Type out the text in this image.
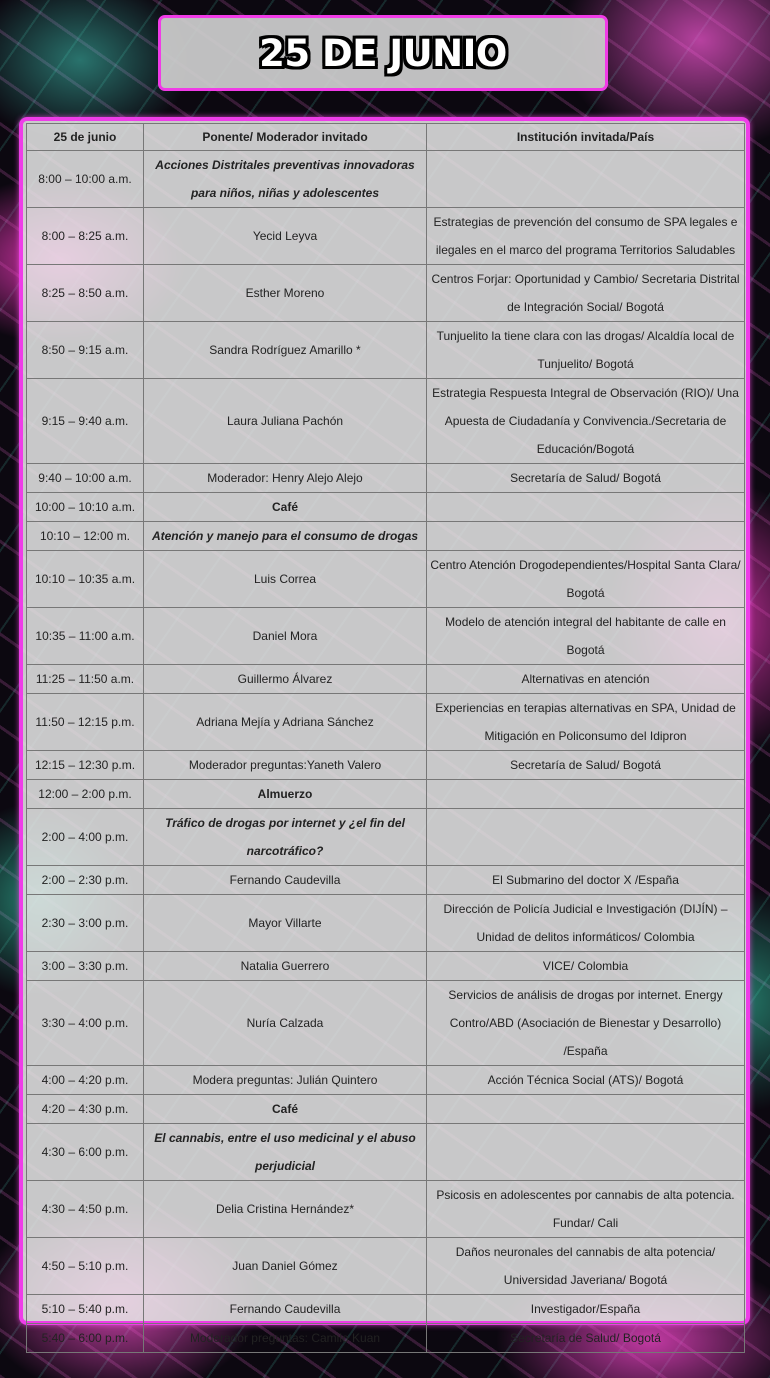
25 DE JUNIO
25 de junio	Ponente/ Moderador invitado	Institución invitada/País
8:00 – 10:00 a.m.	Acciones Distritales preventivas innovadoras para niños, niñas y adolescentes	
8:00 – 8:25 a.m.	Yecid Leyva	Estrategias de prevención del consumo de SPA legales e ilegales en el marco del programa Territorios Saludables
8:25 – 8:50 a.m.	Esther Moreno	Centros Forjar: Oportunidad y Cambio/ Secretaria Distrital de Integración Social/ Bogotá
8:50 – 9:15 a.m.	Sandra Rodríguez Amarillo *	Tunjuelito la tiene clara con las drogas/ Alcaldía local de Tunjuelito/ Bogotá
9:15 – 9:40 a.m.	Laura Juliana Pachón	Estrategia Respuesta Integral de Observación (RIO)/ Una Apuesta de Ciudadanía y Convivencia./Secretaria de Educación/Bogotá
9:40 – 10:00 a.m.	Moderador: Henry Alejo Alejo	Secretaría de Salud/ Bogotá
10:00 – 10:10 a.m.	Café	
10:10 – 12:00 m.	Atención y manejo para el consumo de drogas	
10:10 – 10:35 a.m.	Luis Correa	Centro Atención Drogodependientes/Hospital Santa Clara/ Bogotá
10:35 – 11:00 a.m.	Daniel Mora	Modelo de atención integral del habitante de calle en Bogotá
11:25 – 11:50 a.m.	Guillermo Álvarez	Alternativas en atención
11:50 – 12:15 p.m.	Adriana Mejía y Adriana Sánchez	Experiencias en terapias alternativas en SPA, Unidad de Mitigación en Policonsumo del Idipron
12:15 – 12:30 p.m.	Moderador preguntas:Yaneth Valero	Secretaría de Salud/ Bogotá
12:00 – 2:00 p.m.	Almuerzo	
2:00 – 4:00 p.m.	Tráfico de drogas por internet y ¿el fin del narcotráfico?	
2:00 – 2:30 p.m.	Fernando Caudevilla	El Submarino del doctor X /España
2:30 – 3:00 p.m.	Mayor Villarte	Dirección de Policía Judicial e Investigación (DIJÍN) – Unidad de delitos informáticos/ Colombia
3:00 – 3:30 p.m.	Natalia Guerrero	VICE/ Colombia
3:30 – 4:00 p.m.	Nuría Calzada	Servicios de análisis de drogas por internet. Energy Contro/ABD (Asociación de Bienestar y Desarrollo) /España
4:00 – 4:20 p.m.	Modera preguntas: Julián Quintero	Acción Técnica Social (ATS)/ Bogotá
4:20 – 4:30 p.m.	Café	
4:30 – 6:00 p.m.	El cannabis, entre el uso medicinal y el abuso perjudicial	
4:30 – 4:50 p.m.	Delia Cristina Hernández*	Psicosis en adolescentes por cannabis de alta potencia. Fundar/ Cali
4:50 – 5:10 p.m.	Juan Daniel Gómez	Daños neuronales del cannabis de alta potencia/ Universidad Javeriana/ Bogotá
5:10 – 5:40 p.m.	Fernando Caudevilla	Investigador/España
5:40 – 6:00 p.m.	Moderador preguntas: Camilo Kuan	Secretaría de Salud/ Bogotá
